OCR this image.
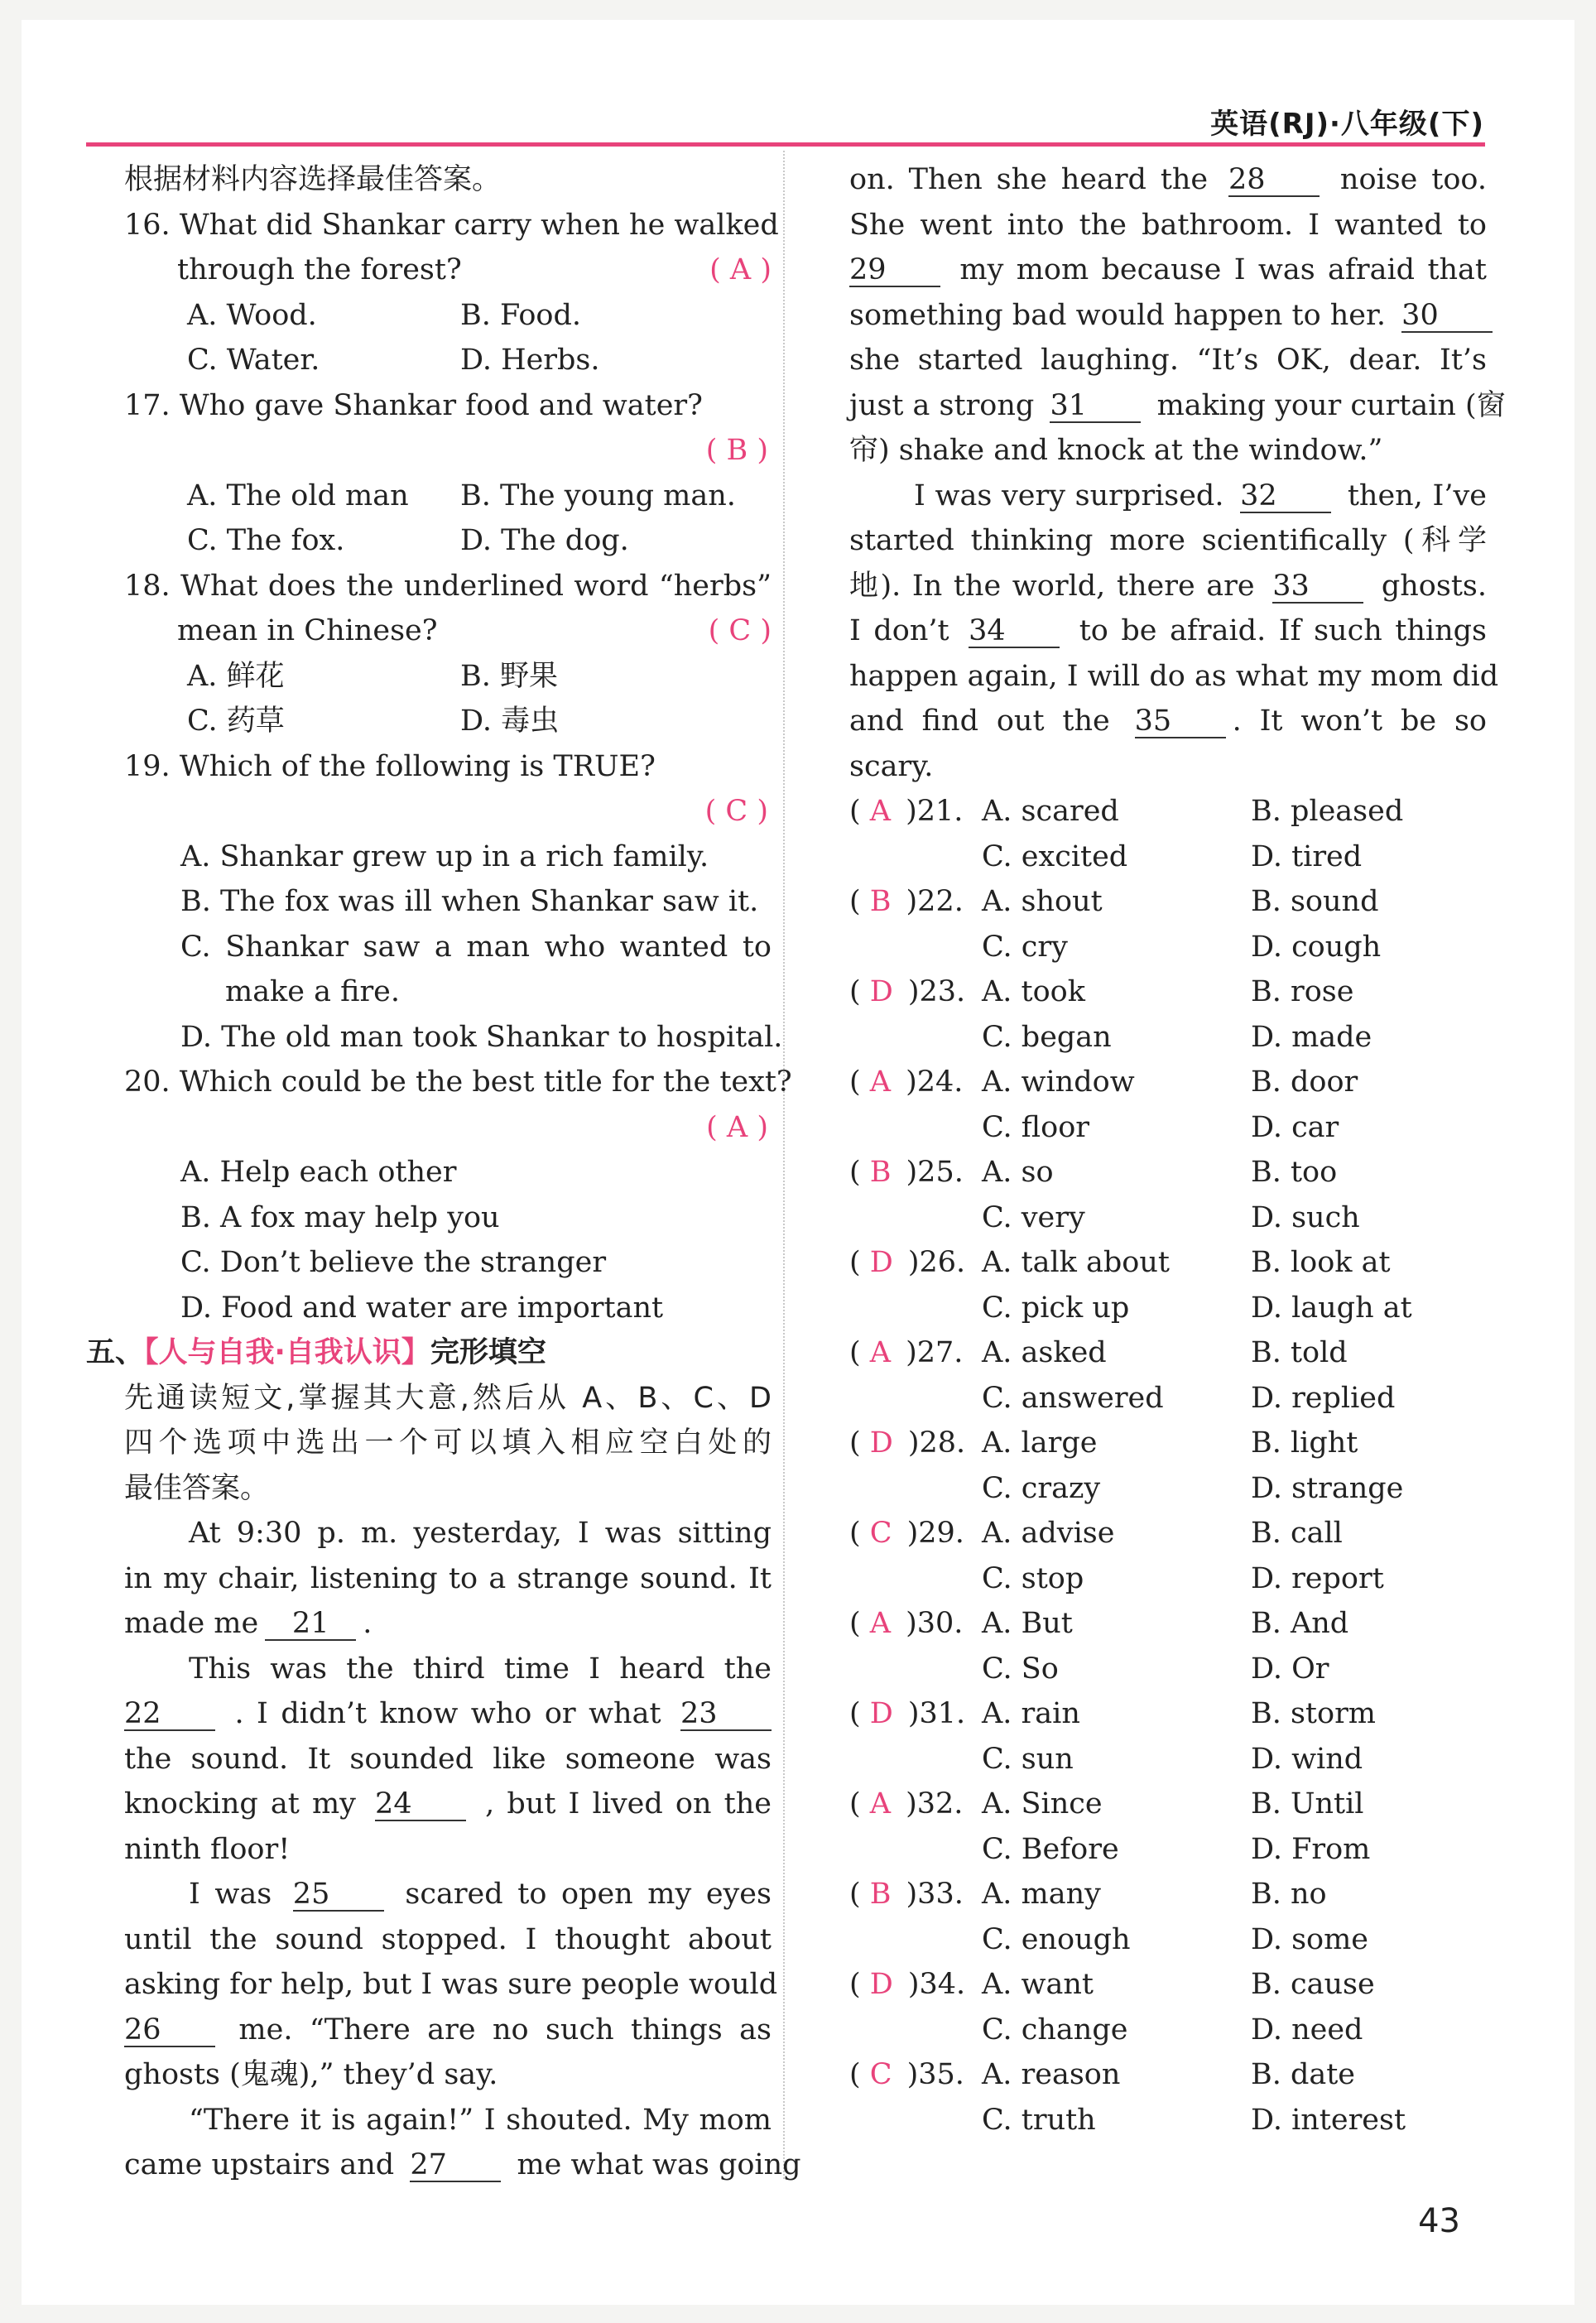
英语(RJ)·八年级(下)
根据材料内容选择最佳答案。
16. What did Shankar carry when he walked
through the forest?	( A )
A. Wood.	B. Food.
C. Water.	D. Herbs.
17. Who gave Shankar food and water?
( B )
A. The old man	B. The young man.
C. The fox.	D. The dog.
18. What does the underlined word “herbs”
mean in Chinese?	( C )
A. 鲜花	B. 野果
C. 药草	D. 毒虫
19. Which of the following is TRUE?
( C )
A. Shankar grew up in a rich family.
B. The fox was ill when Shankar saw it.
C. Shankar saw a man who wanted to
make a fire.
D. The old man took Shankar to hospital.
20. Which could be the best title for the text?
( A )
A. Help each other
B. A fox may help you
C. Don’t believe the stranger
D. Food and water are important
五、【人与自我·自我认识】完形填空
先通读短文,掌握其大意,然后从 A、B、C、D
四个选项中选出一个可以填入相应空白处的
最佳答案。
At 9:30 p. m. yesterday, I was sitting
in my chair, listening to a strange sound. It
made me 21 .
This was the third time I heard the
22	. I didn’t know who or what 23
the sound. It sounded like someone was
knocking at my 24	, but I lived on the
ninth floor!
I was 25	scared to open my eyes
until the sound stopped. I thought about
asking for help, but I was sure people would
26	me. “There are no such things as
ghosts (鬼魂),” they’d say.
“There it is again!” I shouted. My mom
came upstairs and 27 me what was going
on. Then she heard the 28	noise too.
She went into the bathroom. I wanted to
29	my mom because I was afraid that
something bad would happen to her. 30
she started laughing. “It’s OK, dear. It’s
just a strong 31 making your curtain (窗
帘) shake and knock at the window.”
I was very surprised. 32 then, I’ve
started thinking more scientifically (科学
地). In the world, there are 33 ghosts.
I don’t 34	to be afraid. If such things
happen again, I will do as what my mom did
and find out the 35 . It won’t be so
scary.
( A )21. A. scared	B. pleased
C. excited	D. tired
( B )22. A. shout	B. sound
C. cry	D. cough
( D )23. A. took	B. rose
C. began	D. made
( A )24. A. window	B. door
C. floor	D. car
( B )25. A. so	B. too
C. very	D. such
( D )26. A. talk about	B. look at
C. pick up	D. laugh at
( A )27. A. asked	B. told
C. answered	D. replied
( D )28. A. large	B. light
C. crazy	D. strange
( C )29. A. advise	B. call
C. stop	D. report
( A )30. A. But	B. And
C. So	D. Or
( D )31. A. rain	B. storm
C. sun	D. wind
( A )32. A. Since	B. Until
C. Before	D. From
( B )33. A. many	B. no
C. enough	D. some
( D )34. A. want	B. cause
C. change	D. need
( C )35. A. reason	B. date
C. truth	D. interest
43
